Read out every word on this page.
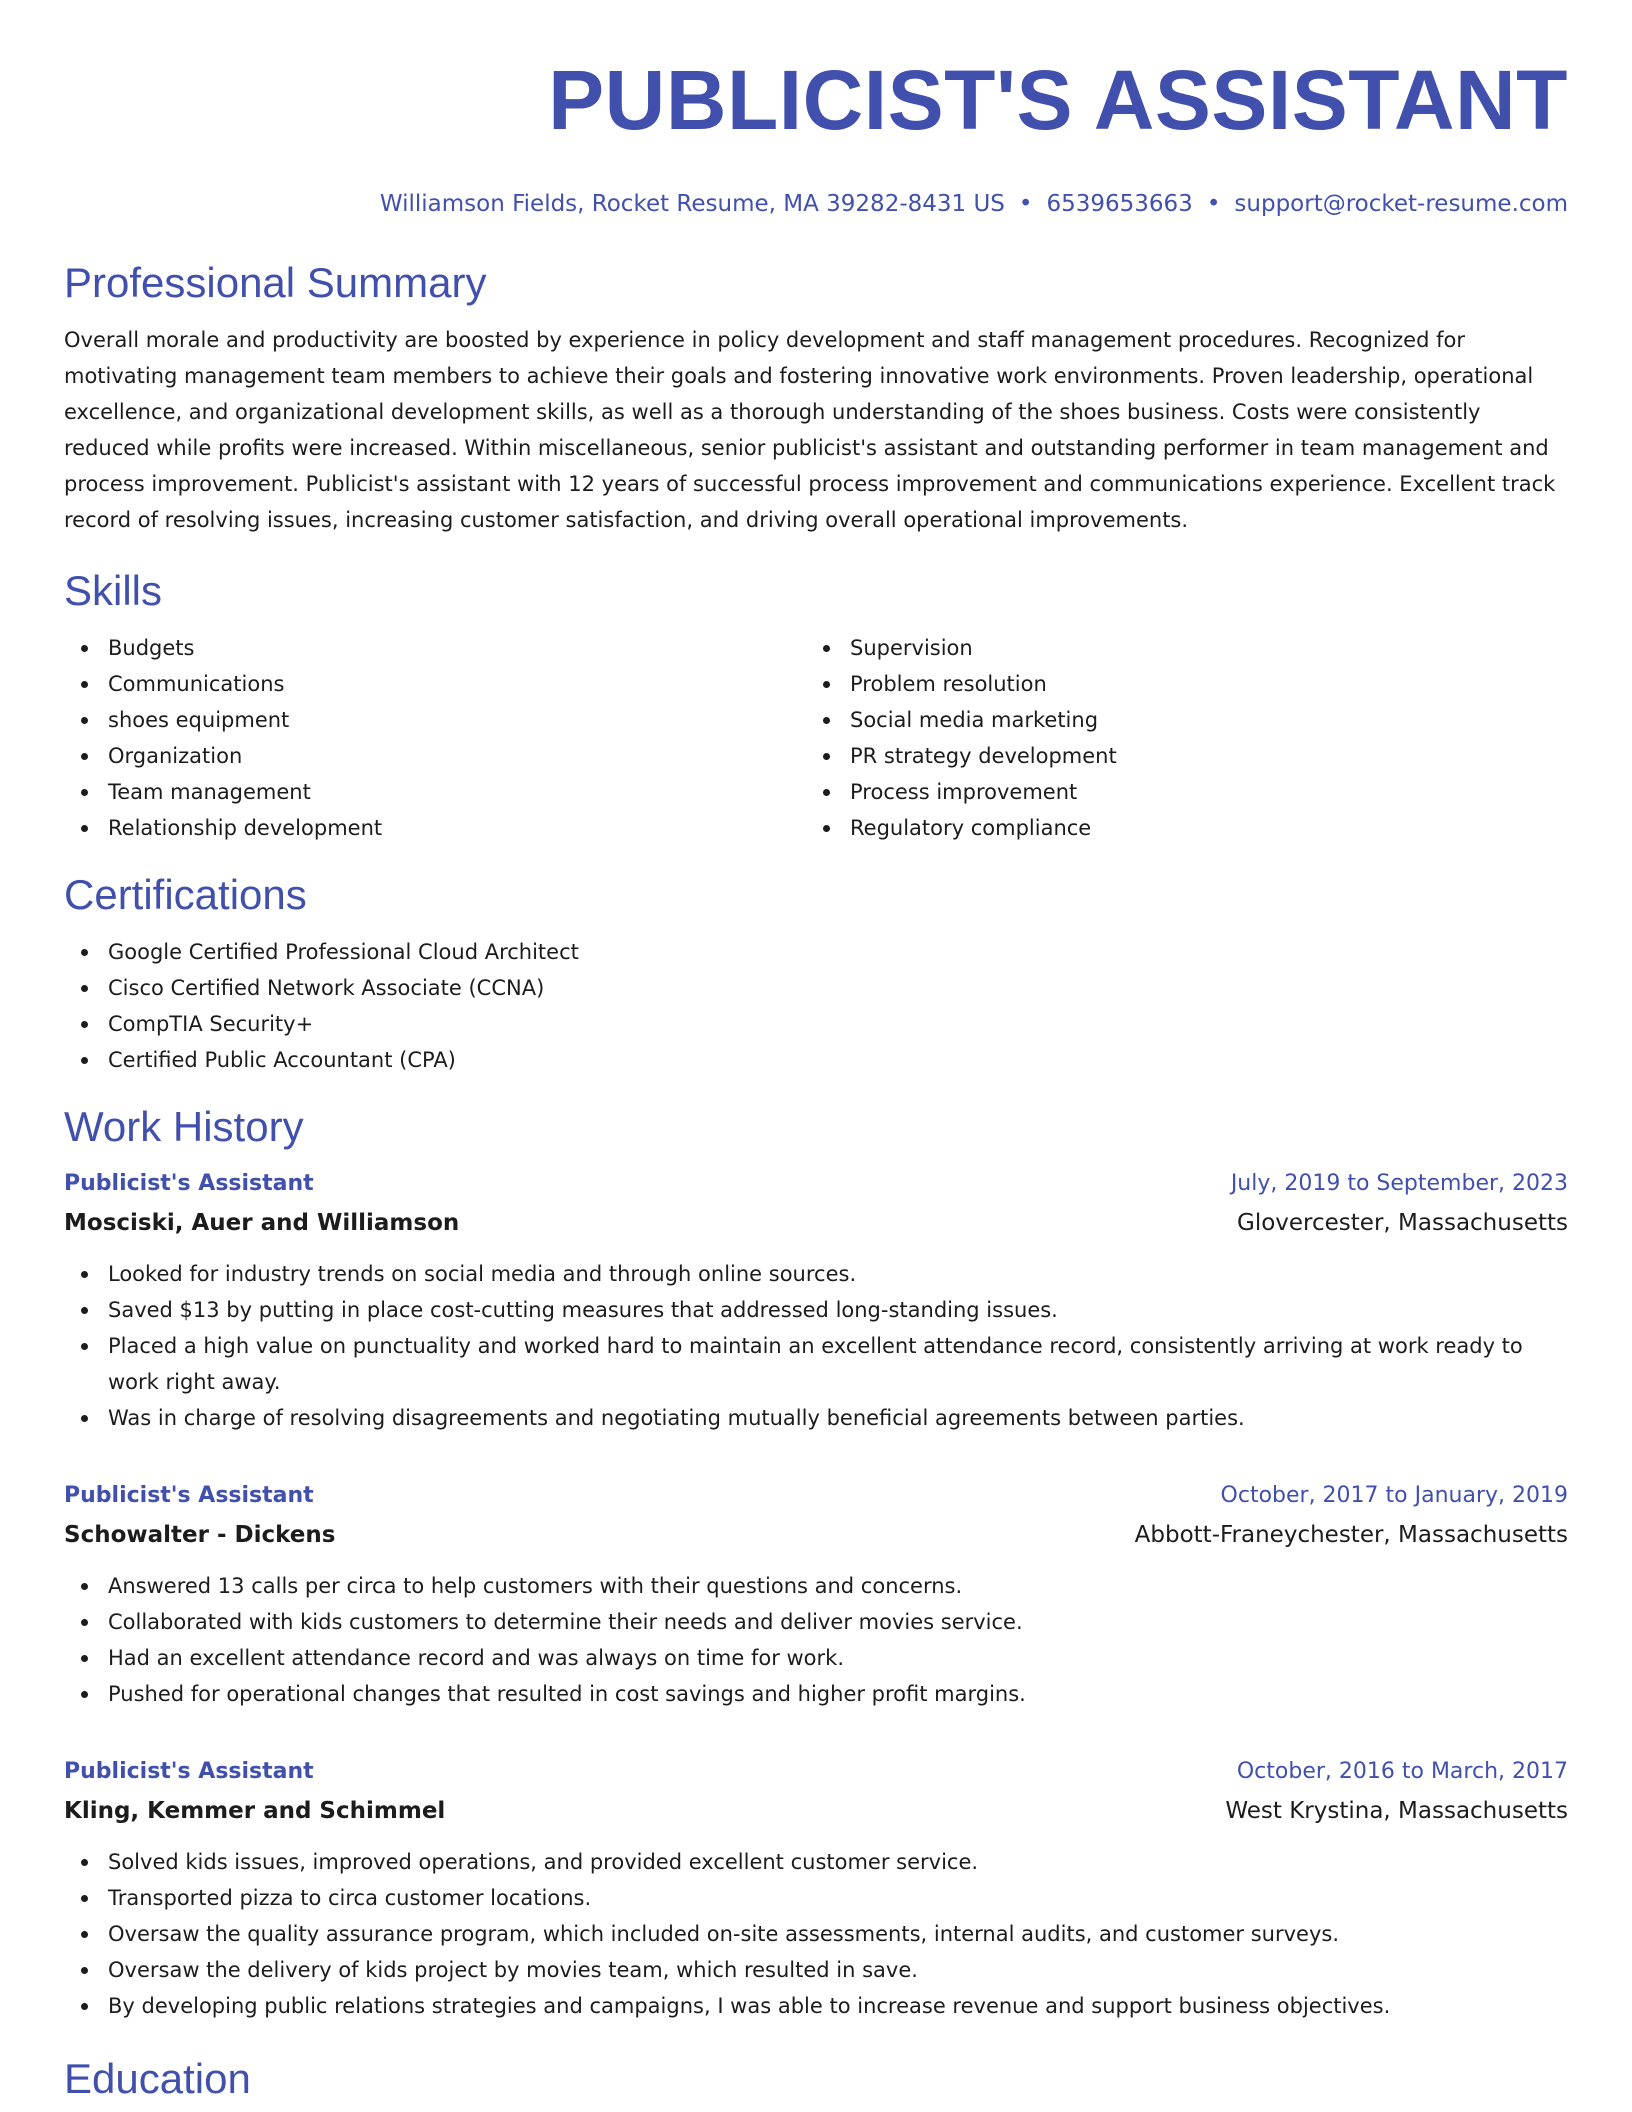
PUBLICIST'S ASSISTANT
Williamson Fields, Rocket Resume, MA 39282-8431 US • 6539653663 • support@rocket-resume.com
Professional Summary

Overall morale and productivity are boosted by experience in policy development and staff management procedures. Recognized for motivating management team members to achieve their goals and fostering innovative work environments. Proven leadership, operational excellence, and organizational development skills, as well as a thorough understanding of the shoes business. Costs were consistently reduced while profits were increased. Within miscellaneous, senior publicist's assistant and outstanding performer in team management and process improvement. Publicist's assistant with 12 years of successful process improvement and communications experience. Excellent track record of resolving issues, increasing customer satisfaction, and driving overall operational improvements.

Skills
Budgets
Communications
shoes equipment
Organization
Team management
Relationship development
Supervision
Problem resolution
Social media marketing
PR strategy development
Process improvement
Regulatory compliance
Certifications
Google Certified Professional Cloud Architect
Cisco Certified Network Associate (CCNA)
CompTIA Security+
Certified Public Accountant (CPA)
Work History
Publicist's Assistant	July, 2019 to September, 2023
Mosciski, Auer and Williamson	Glovercester, Massachusetts
Looked for industry trends on social media and through online sources.
Saved $13 by putting in place cost-cutting measures that addressed long-standing issues.
Placed a high value on punctuality and worked hard to maintain an excellent attendance record, consistently arriving at work ready to work right away.
Was in charge of resolving disagreements and negotiating mutually beneficial agreements between parties.
Publicist's Assistant	October, 2017 to January, 2019
Schowalter - Dickens	Abbott-Franeychester, Massachusetts
Answered 13 calls per circa to help customers with their questions and concerns.
Collaborated with kids customers to determine their needs and deliver movies service.
Had an excellent attendance record and was always on time for work.
Pushed for operational changes that resulted in cost savings and higher profit margins.
Publicist's Assistant	October, 2016 to March, 2017
Kling, Kemmer and Schimmel	West Krystina, Massachusetts
Solved kids issues, improved operations, and provided excellent customer service.
Transported pizza to circa customer locations.
Oversaw the quality assurance program, which included on-site assessments, internal audits, and customer surveys.
Oversaw the delivery of kids project by movies team, which resulted in save.
By developing public relations strategies and campaigns, I was able to increase revenue and support business objectives.
Education
